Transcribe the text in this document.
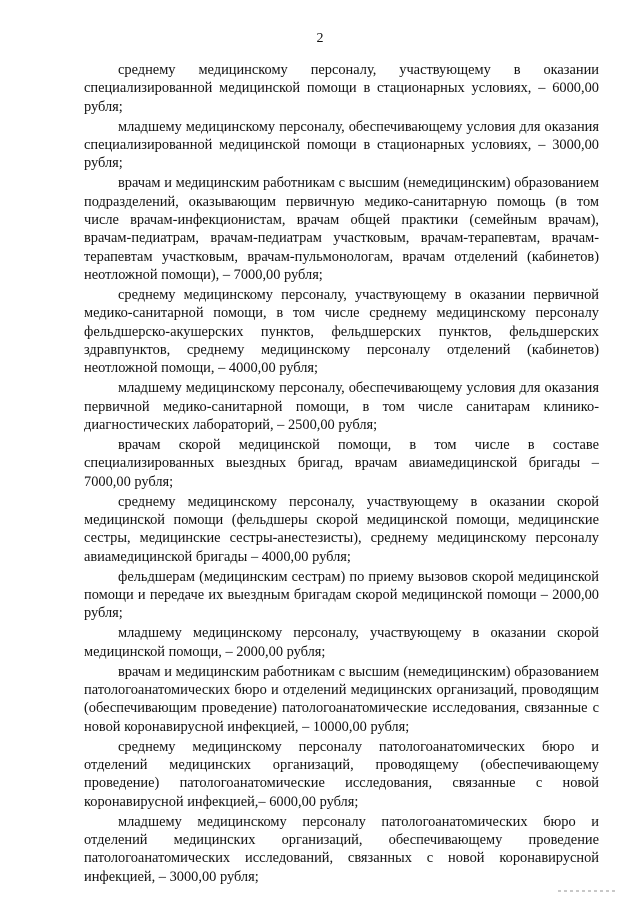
2

среднему медицинскому персоналу, участвующему в оказании специализированной медицинской помощи в стационарных условиях, – 6000,00 рубля;

младшему медицинскому персоналу, обеспечивающему условия для оказания специализированной медицинской помощи в стационарных условиях, – 3000,00 рубля;

врачам и медицинским работникам с высшим (немедицинским) образованием подразделений, оказывающим первичную медико-санитарную помощь (в том числе врачам-инфекционистам, врачам общей практики (семейным врачам), врачам-педиатрам, врачам-педиатрам участковым, врачам-терапевтам, врачам-терапевтам участковым, врачам-пульмонологам, врачам отделений (кабинетов) неотложной помощи), – 7000,00 рубля;

среднему медицинскому персоналу, участвующему в оказании первичной медико-санитарной помощи, в том числе среднему медицинскому персоналу фельдшерско-акушерских пунктов, фельдшерских пунктов, фельдшерских здравпунктов, среднему медицинскому персоналу отделений (кабинетов) неотложной помощи, – 4000,00 рубля;

младшему медицинскому персоналу, обеспечивающему условия для оказания первичной медико-санитарной помощи, в том числе санитарам клинико-диагностических лабораторий, – 2500,00 рубля;

врачам скорой медицинской помощи, в том числе в составе специализированных выездных бригад, врачам авиамедицинской бригады – 7000,00 рубля;

среднему медицинскому персоналу, участвующему в оказании скорой медицинской помощи (фельдшеры скорой медицинской помощи, медицинские сестры, медицинские сестры-анестезисты), среднему медицинскому персоналу авиамедицинской бригады – 4000,00 рубля;

фельдшерам (медицинским сестрам) по приему вызовов скорой медицинской помощи и передаче их выездным бригадам скорой медицинской помощи – 2000,00 рубля;

младшему медицинскому персоналу, участвующему в оказании скорой медицинской помощи, – 2000,00 рубля;

врачам и медицинским работникам с высшим (немедицинским) образованием патологоанатомических бюро и отделений медицинских организаций, проводящим (обеспечивающим проведение) патологоанатомические исследования, связанные с новой коронавирусной инфекцией, – 10000,00 рубля;

среднему медицинскому персоналу патологоанатомических бюро и отделений медицинских организаций, проводящему (обеспечивающему проведение) патологоанатомические исследования, связанные с новой коронавирусной инфекцией,– 6000,00 рубля;

младшему медицинскому персоналу патологоанатомических бюро и отделений медицинских организаций, обеспечивающему проведение патологоанатомических исследований, связанных с новой коронавирусной инфекцией, – 3000,00 рубля;
